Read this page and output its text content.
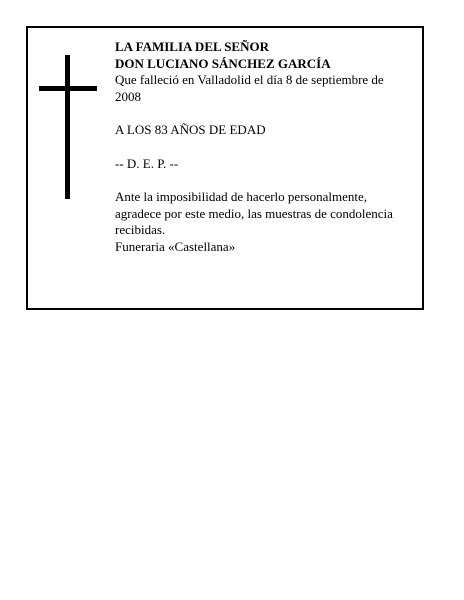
LA FAMILIA DEL SEÑOR

DON LUCIANO SÁNCHEZ GARCÍA

Que falleció en Valladolid el día 8 de septiembre de 2008

A LOS 83 AÑOS DE EDAD

-- D. E. P. --

Ante la imposibilidad de hacerlo personalmente, agradece por este medio, las muestras de condolencia recibidas.

Funeraria «Castellana»
